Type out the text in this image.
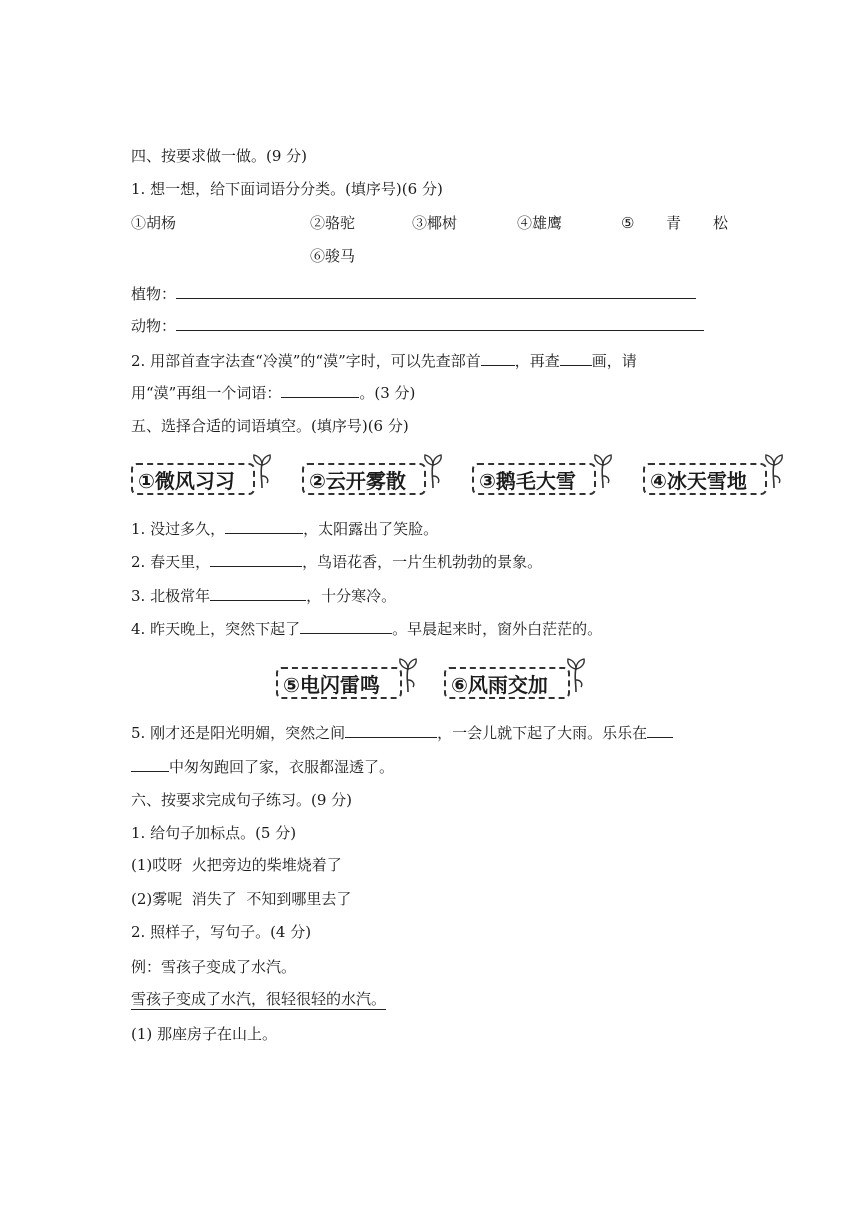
四、按要求做一做。(9 分)
1. 想一想，给下面词语分分类。(填序号)(6 分)
①胡杨	②骆驼	③椰树	④雄鹰	⑤ 青 松
⑥骏马
植物：
动物：
2. 用部首查字法查“冷漠”的“漠”字时，可以先查部首 ，再查 画，请
用“漠”再组一个词语：	。(3 分)
五、选择合适的词语填空。(填序号)(6 分)
①微风习习	②云开雾散	③鹅毛大雪	④冰天雪地
1. 没过多久，	，太阳露出了笑脸。
2. 春天里，	，鸟语花香，一片生机勃勃的景象。
3. 北极常年	，十分寒冷。
4. 昨天晚上，突然下起了	。早晨起来时，窗外白茫茫的。
⑤电闪雷鸣	⑥风雨交加
5. 刚才还是阳光明媚，突然之间	，一会儿就下起了大雨。乐乐在
中匆匆跑回了家，衣服都湿透了。
六、按要求完成句子练习。(9 分)
1. 给句子加标点。(5 分)
(1)哎呀  火把旁边的柴堆烧着了
(2)雾呢  消失了  不知到哪里去了
2. 照样子，写句子。(4 分)
例：雪孩子变成了水汽。
雪孩子变成了水汽，很轻很轻的水汽。
(1) 那座房子在山上。
